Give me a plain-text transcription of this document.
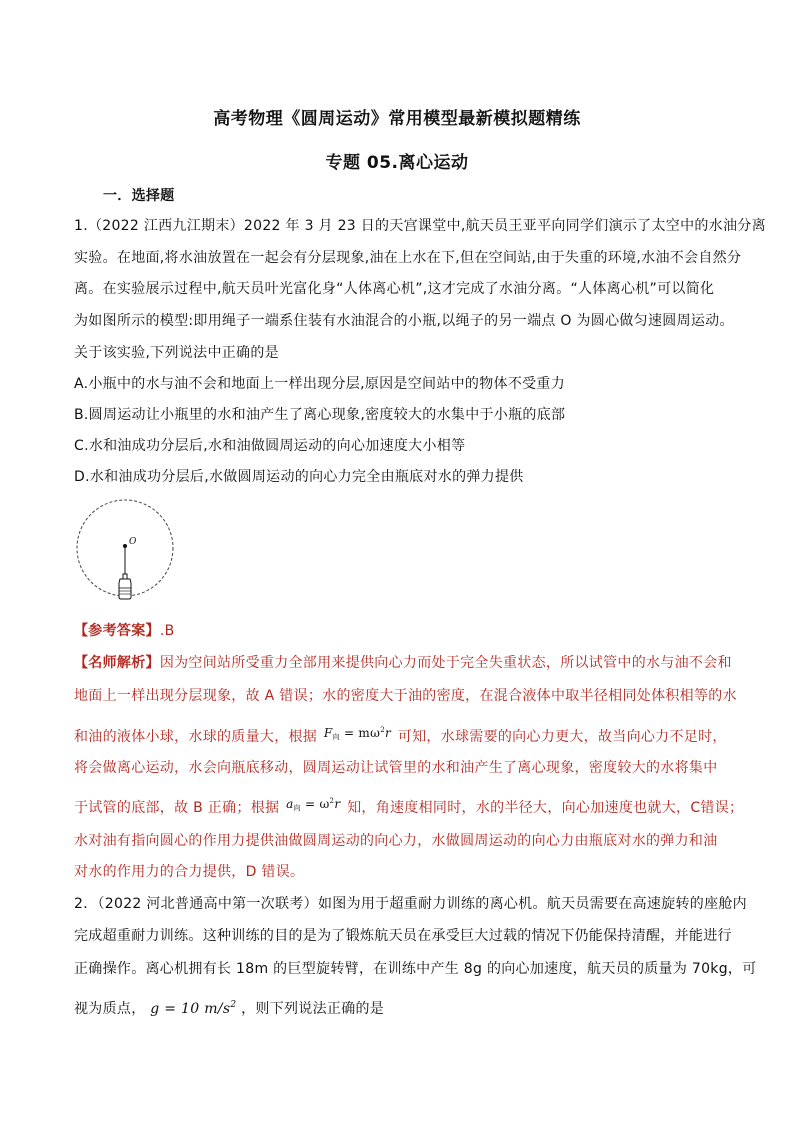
高考物理《圆周运动》常用模型最新模拟题精练
专题 05.离心运动
一．选择题
1.（2022 江西九江期末）2022 年 3 月 23 日的天宫课堂中,航天员王亚平向同学们演示了太空中的水油分离
实验。在地面,将水油放置在一起会有分层现象,油在上水在下,但在空间站,由于失重的环境,水油不会自然分
离。在实验展示过程中,航天员叶光富化身“人体离心机”,这才完成了水油分离。“人体离心机”可以简化
为如图所示的模型:即用绳子一端系住装有水油混合的小瓶,以绳子的另一端点 O 为圆心做匀速圆周运动。
关于该实验,下列说法中正确的是
A.小瓶中的水与油不会和地面上一样出现分层,原因是空间站中的物体不受重力
B.圆周运动让小瓶里的水和油产生了离心现象,密度较大的水集中于小瓶的底部
C.水和油成功分层后,水和油做圆周运动的向心加速度大小相等
D.水和油成功分层后,水做圆周运动的向心力完全由瓶底对水的弹力提供
O
【参考答案】.B
【名师解析】因为空间站所受重力全部用来提供向心力而处于完全失重状态，所以试管中的水与油不会和
地面上一样出现分层现象，故 A 错误；水的密度大于油的密度，在混合液体中取半径相同处体积相等的水
和油的液体小球，水球的质量大，根据 $F_向 = m\omega^2r$ 可知，水球需要的向心力更大，故当向心力不足时，
将会做离心运动，水会向瓶底移动，圆周运动让试管里的水和油产生了离心现象，密度较大的水将集中
于试管的底部，故 B 正确；根据 $a_向 = \omega^2r$ 知，角速度相同时，水的半径大，向心加速度也就大，C错误；
水对油有指向圆心的作用力提供油做圆周运动的向心力，水做圆周运动的向心力由瓶底对水的弹力和油
对水的作用力的合力提供，D 错误。
2．（2022 河北普通高中第一次联考）如图为用于超重耐力训练的离心机。航天员需要在高速旋转的座舱内
完成超重耐力训练。这种训练的目的是为了锻炼航天员在承受巨大过载的情况下仍能保持清醒，并能进行
正确操作。离心机拥有长 18m 的巨型旋转臂，在训练中产生 8g 的向心加速度，航天员的质量为 70kg，可
视为质点， g = 10 $m/s^2$ ，则下列说法正确的是
